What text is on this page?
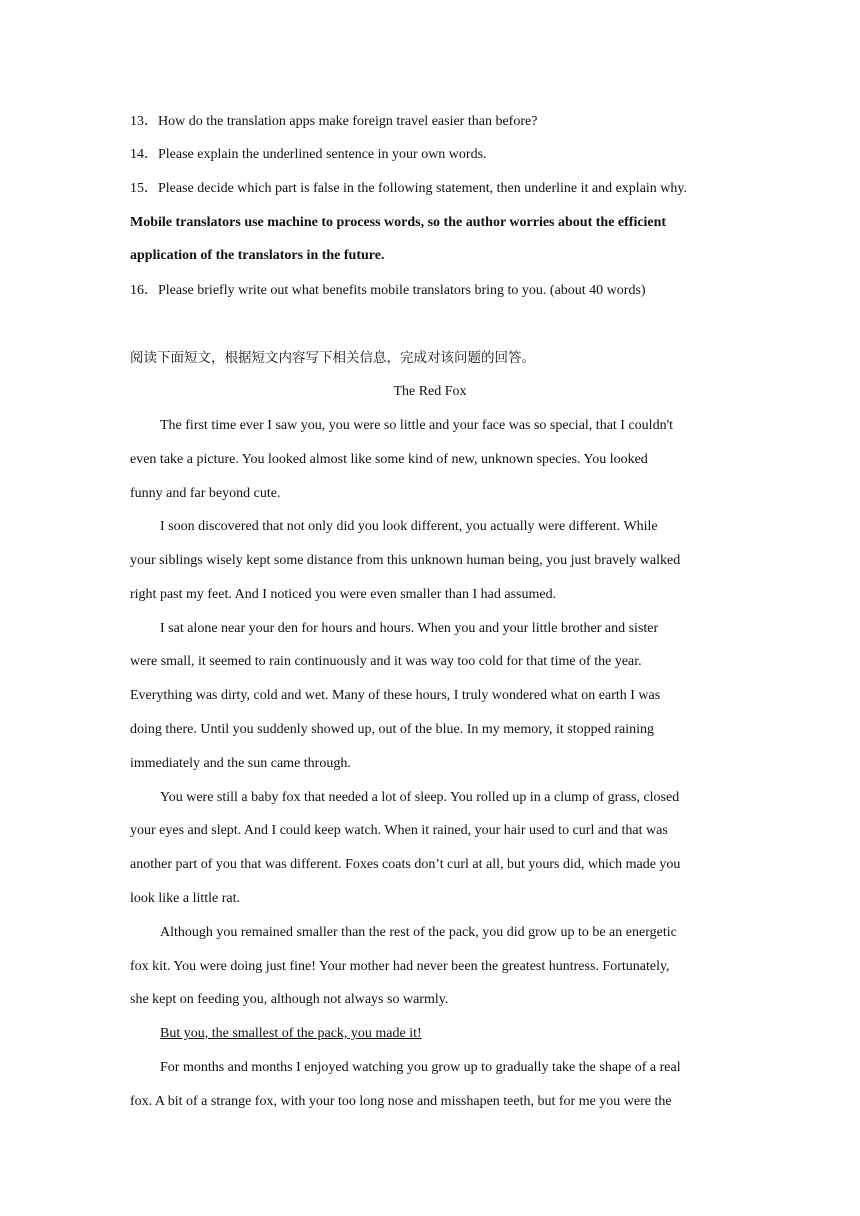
13．How do the translation apps make foreign travel easier than before?
14．Please explain the underlined sentence in your own words.
15．Please decide which part is false in the following statement, then underline it and explain why.
Mobile translators use machine to process words, so the author worries about the efficient
application of the translators in the future.
16．Please briefly write out what benefits mobile translators bring to you. (about 40 words)
阅读下面短文，根据短文内容写下相关信息，完成对该问题的回答。
The Red Fox
The first time ever I saw you, you were so little and your face was so special, that I couldn't
even take a picture. You looked almost like some kind of new, unknown species. You looked
funny and far beyond cute.
I soon discovered that not only did you look different, you actually were different. While
your siblings wisely kept some distance from this unknown human being, you just bravely walked
right past my feet. And I noticed you were even smaller than I had assumed.
I sat alone near your den for hours and hours. When you and your little brother and sister
were small, it seemed to rain continuously and it was way too cold for that time of the year.
Everything was dirty, cold and wet. Many of these hours, I truly wondered what on earth I was
doing there. Until you suddenly showed up, out of the blue. In my memory, it stopped raining
immediately and the sun came through.
You were still a baby fox that needed a lot of sleep. You rolled up in a clump of grass, closed
your eyes and slept. And I could keep watch. When it rained, your hair used to curl and that was
another part of you that was different. Foxes coats don’t curl at all, but yours did, which made you
look like a little rat.
Although you remained smaller than the rest of the pack, you did grow up to be an energetic
fox kit. You were doing just fine! Your mother had never been the greatest huntress. Fortunately,
she kept on feeding you, although not always so warmly.
But you, the smallest of the pack, you made it!
For months and months I enjoyed watching you grow up to gradually take the shape of a real
fox. A bit of a strange fox, with your too long nose and misshapen teeth, but for me you were the
